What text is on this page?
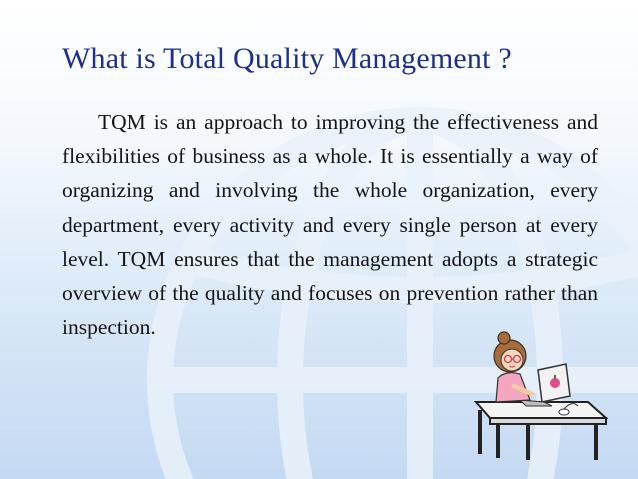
What is Total Quality Management ?

TQM is an approach to improving the effectiveness and flexibilities of business as a whole. It is essentially a way of organizing and involving the whole organization, every department, every activity and every single person at every level. TQM ensures that the management adopts a strategic overview of the quality and focuses on prevention rather than inspection.
